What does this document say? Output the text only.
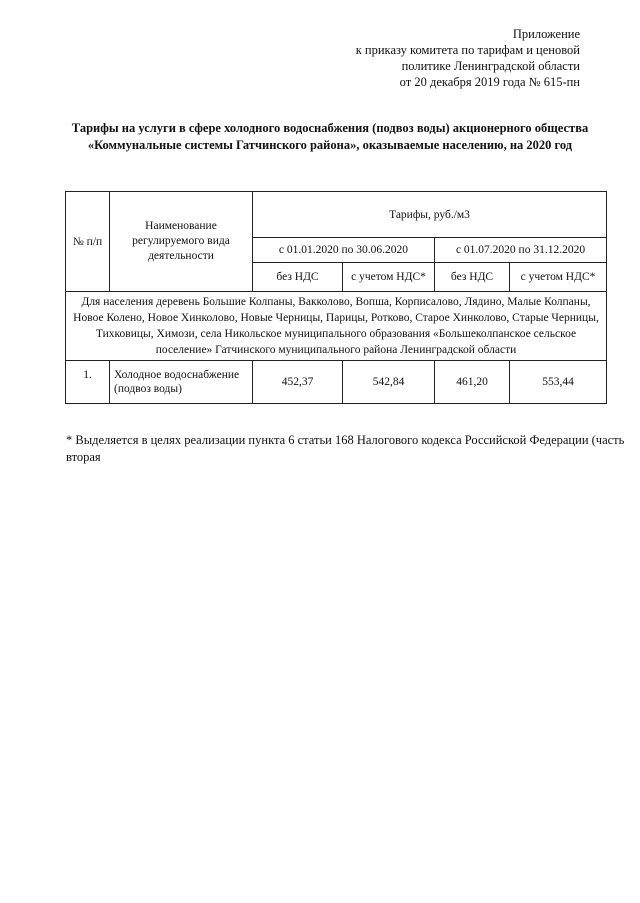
Приложение
к приказу комитета по тарифам и ценовой
политике Ленинградской области
от 20 декабря 2019 года № 615-пн
Тарифы на услуги в сфере холодного водоснабжения (подвоз воды) акционерного общества
«Коммунальные системы Гатчинского района», оказываемые населению, на 2020 год
№ п/п	Наименование регулируемого вида деятельности	Тарифы, руб./м3			
		с 01.01.2020 по 30.06.2020		с 01.07.2020 по 31.12.2020	
		без НДС	с учетом НДС*	без НДС	с учетом НДС*
Для населения деревень Большие Колпаны, Вакколово, Вопша, Корписалово, Лядино, Малые Колпаны, Новое Колено, Новое Хинколово, Новые Черницы, Парицы, Ротково, Старое Хинколово, Старые Черницы, Тихковицы, Химози, села Никольское муниципального образования «Большеколпанское сельское поселение» Гатчинского муниципального района Ленинградской области					
1.	Холодное водоснабжение (подвоз воды)	452,37	542,84	461,20	553,44
* Выделяется в целях реализации пункта 6 статьи 168 Налогового кодекса Российской Федерации (часть вторая
